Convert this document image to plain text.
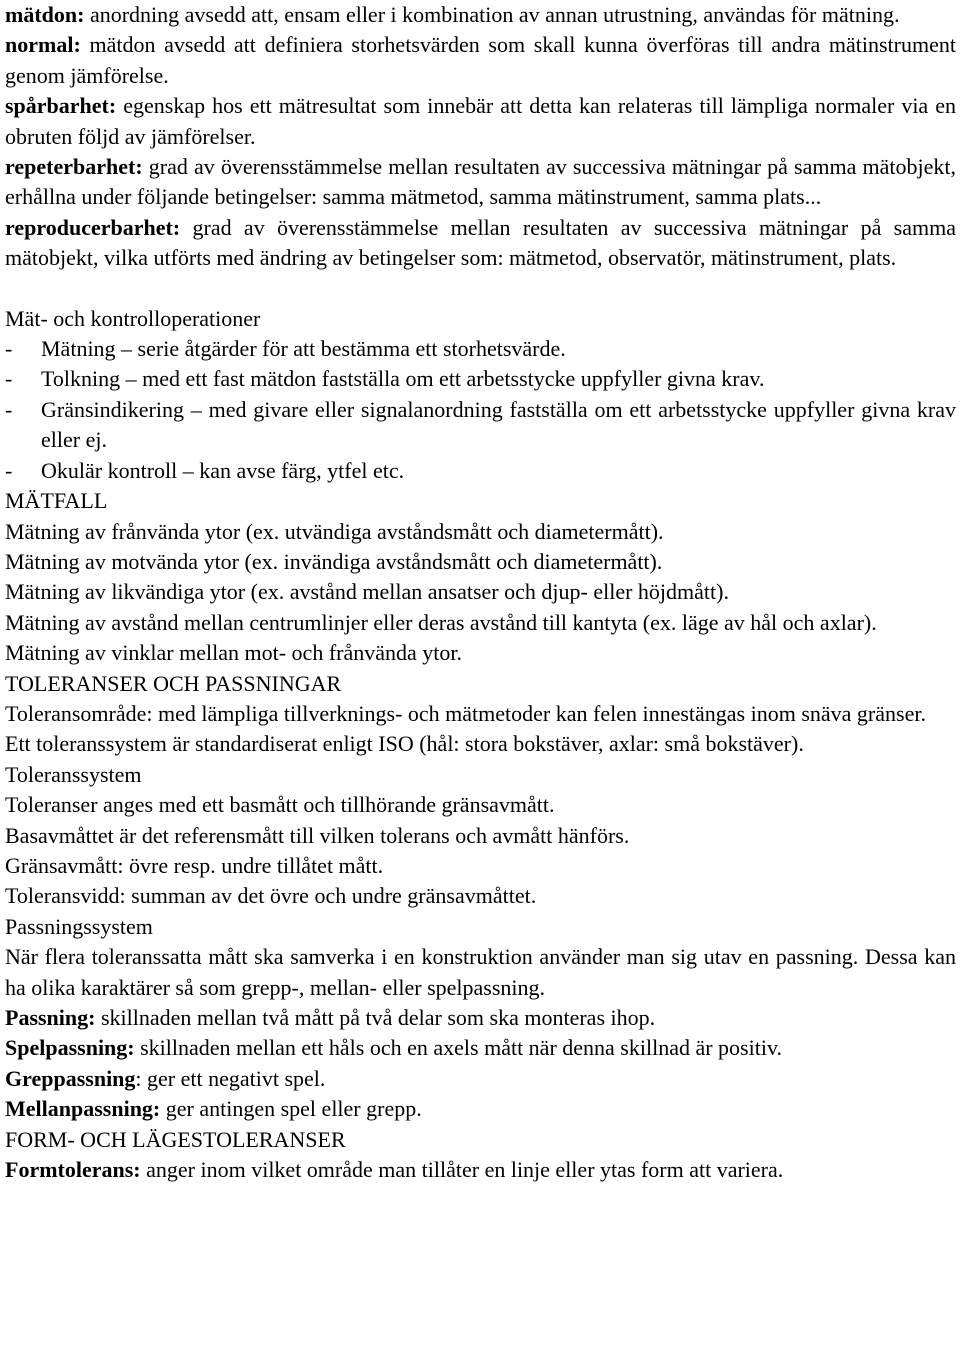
mätdon: anordning avsedd att, ensam eller i kombination av annan utrustning, användas för mätning.

normal: mätdon avsedd att definiera storhetsvärden som skall kunna överföras till andra mätinstrument genom jämförelse.

spårbarhet: egenskap hos ett mätresultat som innebär att detta kan relateras till lämpliga normaler via en obruten följd av jämförelser.

repeterbarhet: grad av överensstämmelse mellan resultaten av successiva mätningar på samma mätobjekt, erhållna under följande betingelser: samma mätmetod, samma mätinstrument, samma plats...

reproducerbarhet: grad av överensstämmelse mellan resultaten av successiva mätningar på samma mätobjekt, vilka utförts med ändring av betingelser som: mätmetod, observatör, mätinstrument, plats.

Mät- och kontrolloperationer

-	Mätning – serie åtgärder för att bestämma ett storhetsvärde.
-	Tolkning – med ett fast mätdon fastställa om ett arbetsstycke uppfyller givna krav.
-	Gränsindikering – med givare eller signalanordning fastställa om ett arbetsstycke uppfyller givna krav eller ej.
-	Okulär kontroll – kan avse färg, ytfel etc.

MÄTFALL

Mätning av frånvända ytor (ex. utvändiga avståndsmått och diametermått).

Mätning av motvända ytor (ex. invändiga avståndsmått och diametermått).

Mätning av likvändiga ytor (ex. avstånd mellan ansatser och djup- eller höjdmått).

Mätning av avstånd mellan centrumlinjer eller deras avstånd till kantyta (ex. läge av hål och axlar).

Mätning av vinklar mellan mot- och frånvända ytor.

TOLERANSER OCH PASSNINGAR

Toleransområde: med lämpliga tillverknings- och mätmetoder kan felen innestängas inom snäva gränser.

Ett toleranssystem är standardiserat enligt ISO (hål: stora bokstäver, axlar: små bokstäver).

Toleranssystem

Toleranser anges med ett basmått och tillhörande gränsavmått.

Basavmåttet är det referensmått till vilken tolerans och avmått hänförs.

Gränsavmått: övre resp. undre tillåtet mått.

Toleransvidd: summan av det övre och undre gränsavmåttet.

Passningssystem

När flera toleranssatta mått ska samverka i en konstruktion använder man sig utav en passning. Dessa kan ha olika karaktärer så som grepp-, mellan- eller spelpassning.

Passning: skillnaden mellan två mått på två delar som ska monteras ihop.

Spelpassning: skillnaden mellan ett håls och en axels mått när denna skillnad är positiv.

Greppassning: ger ett negativt spel.

Mellanpassning: ger antingen spel eller grepp.

FORM- OCH LÄGESTOLERANSER

Formtolerans: anger inom vilket område man tillåter en linje eller ytas form att variera.
